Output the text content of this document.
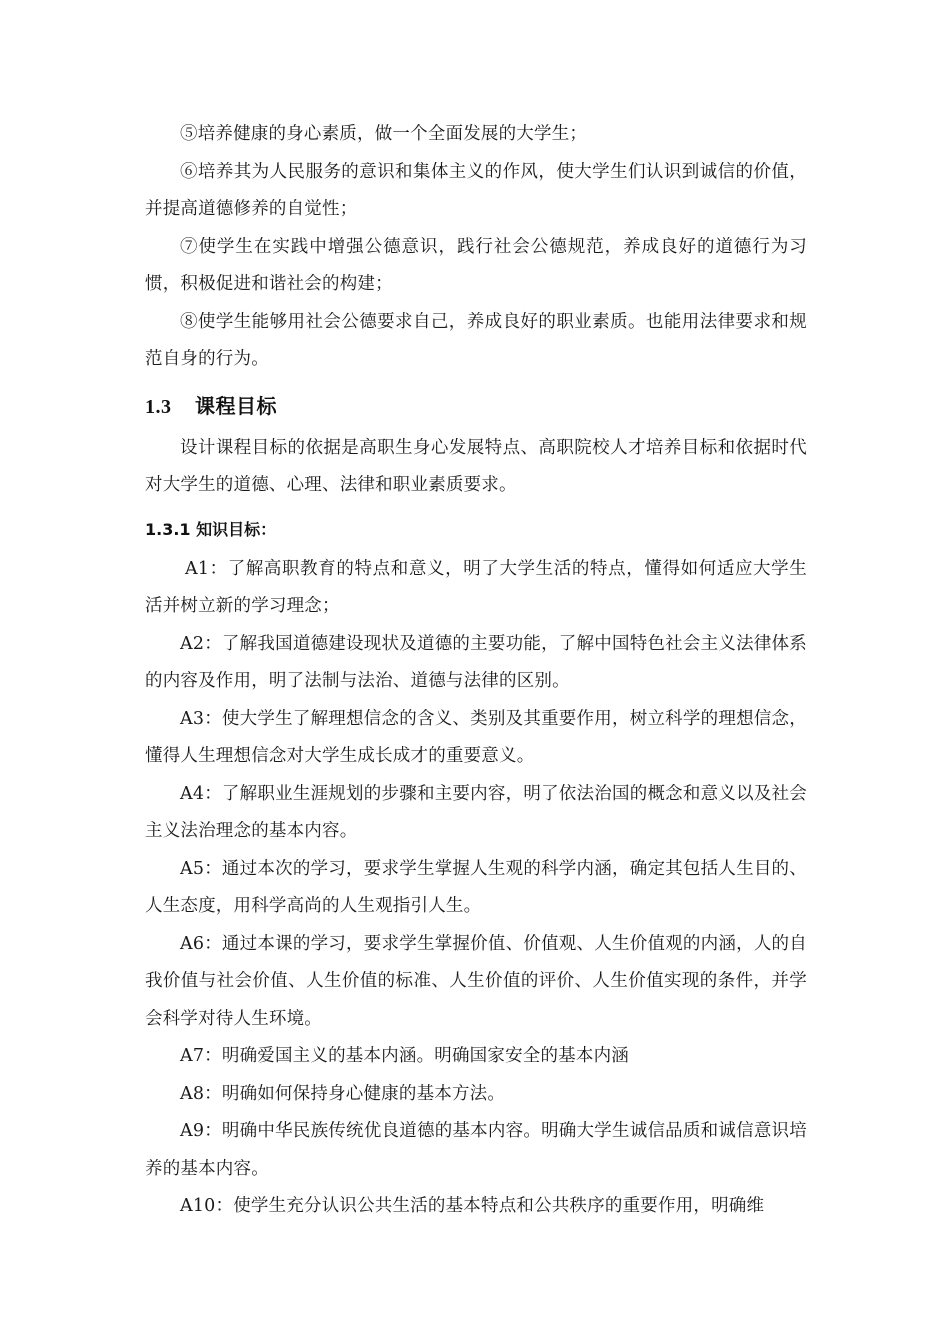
⑤培养健康的身心素质，做一个全面发展的大学生；

⑥培养其为人民服务的意识和集体主义的作风，使大学生们认识到诚信的价值，并提高道德修养的自觉性；

⑦使学生在实践中增强公德意识，践行社会公德规范，养成良好的道德行为习惯，积极促进和谐社会的构建；

⑧使学生能够用社会公德要求自己，养成良好的职业素质。也能用法律要求和规范自身的行为。

1.3 课程目标

设计课程目标的依据是高职生身心发展特点、高职院校人才培养目标和依据时代对大学生的道德、心理、法律和职业素质要求。

1.3.1 知识目标：

A1：了解高职教育的特点和意义，明了大学生活的特点，懂得如何适应大学生活并树立新的学习理念；

A2：了解我国道德建设现状及道德的主要功能，了解中国特色社会主义法律体系的内容及作用，明了法制与法治、道德与法律的区别。

A3：使大学生了解理想信念的含义、类别及其重要作用，树立科学的理想信念，懂得人生理想信念对大学生成长成才的重要意义。

A4：了解职业生涯规划的步骤和主要内容，明了依法治国的概念和意义以及社会主义法治理念的基本内容。

A5：通过本次的学习，要求学生掌握人生观的科学内涵，确定其包括人生目的、人生态度，用科学高尚的人生观指引人生。

A6：通过本课的学习，要求学生掌握价值、价值观、人生价值观的内涵，人的自我价值与社会价值、人生价值的标准、人生价值的评价、人生价值实现的条件，并学会科学对待人生环境。

A7：明确爱国主义的基本内涵。明确国家安全的基本内涵

A8：明确如何保持身心健康的基本方法。

A9：明确中华民族传统优良道德的基本内容。明确大学生诚信品质和诚信意识培养的基本内容。

A10：使学生充分认识公共生活的基本特点和公共秩序的重要作用，明确维
